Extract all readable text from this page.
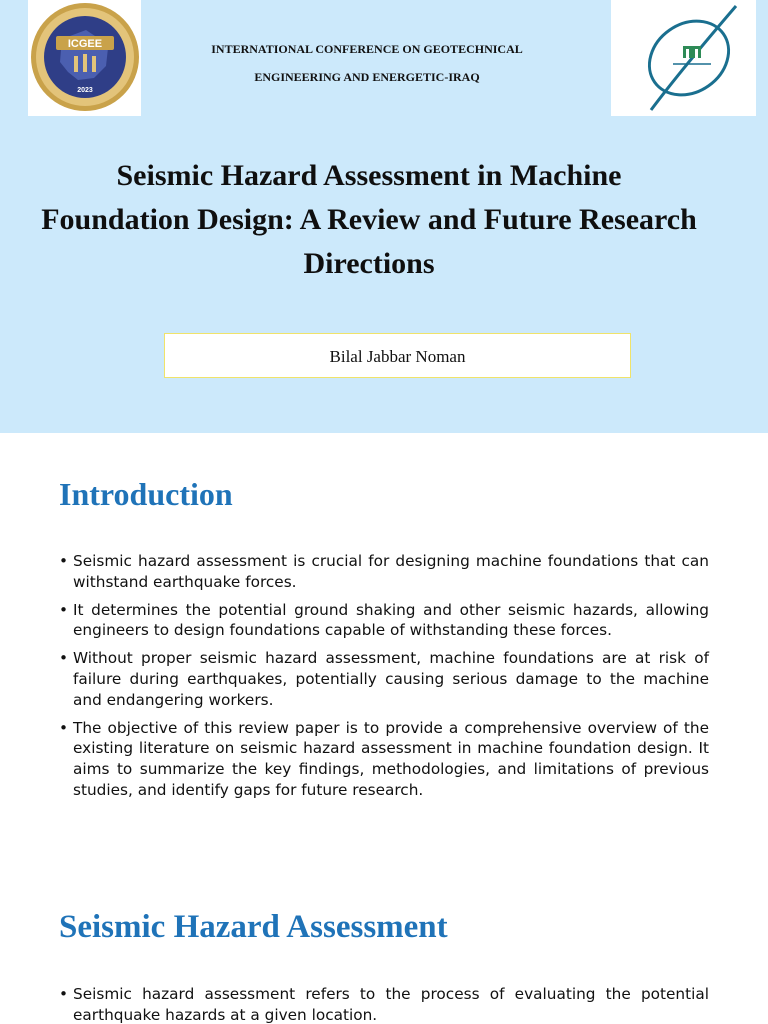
ICGEE
2023
INTERNATIONAL CONFERENCE ON GEOTECHNICAL
ENGINEERING AND ENERGETIC-IRAQ
Seismic Hazard Assessment in Machine Foundation Design: A Review and Future Research Directions
Bilal Jabbar Noman
Introduction
• Seismic hazard assessment is crucial for designing machine foundations that can withstand earthquake forces.
• It determines the potential ground shaking and other seismic hazards, allowing engineers to design foundations capable of withstanding these forces.
• Without proper seismic hazard assessment, machine foundations are at risk of failure during earthquakes, potentially causing serious damage to the machine and endangering workers.
• The objective of this review paper is to provide a comprehensive overview of the existing literature on seismic hazard assessment in machine foundation design. It aims to summarize the key findings, methodologies, and limitations of previous studies, and identify gaps for future research.
Seismic Hazard Assessment
• Seismic hazard assessment refers to the process of evaluating the potential earthquake hazards at a given location.
